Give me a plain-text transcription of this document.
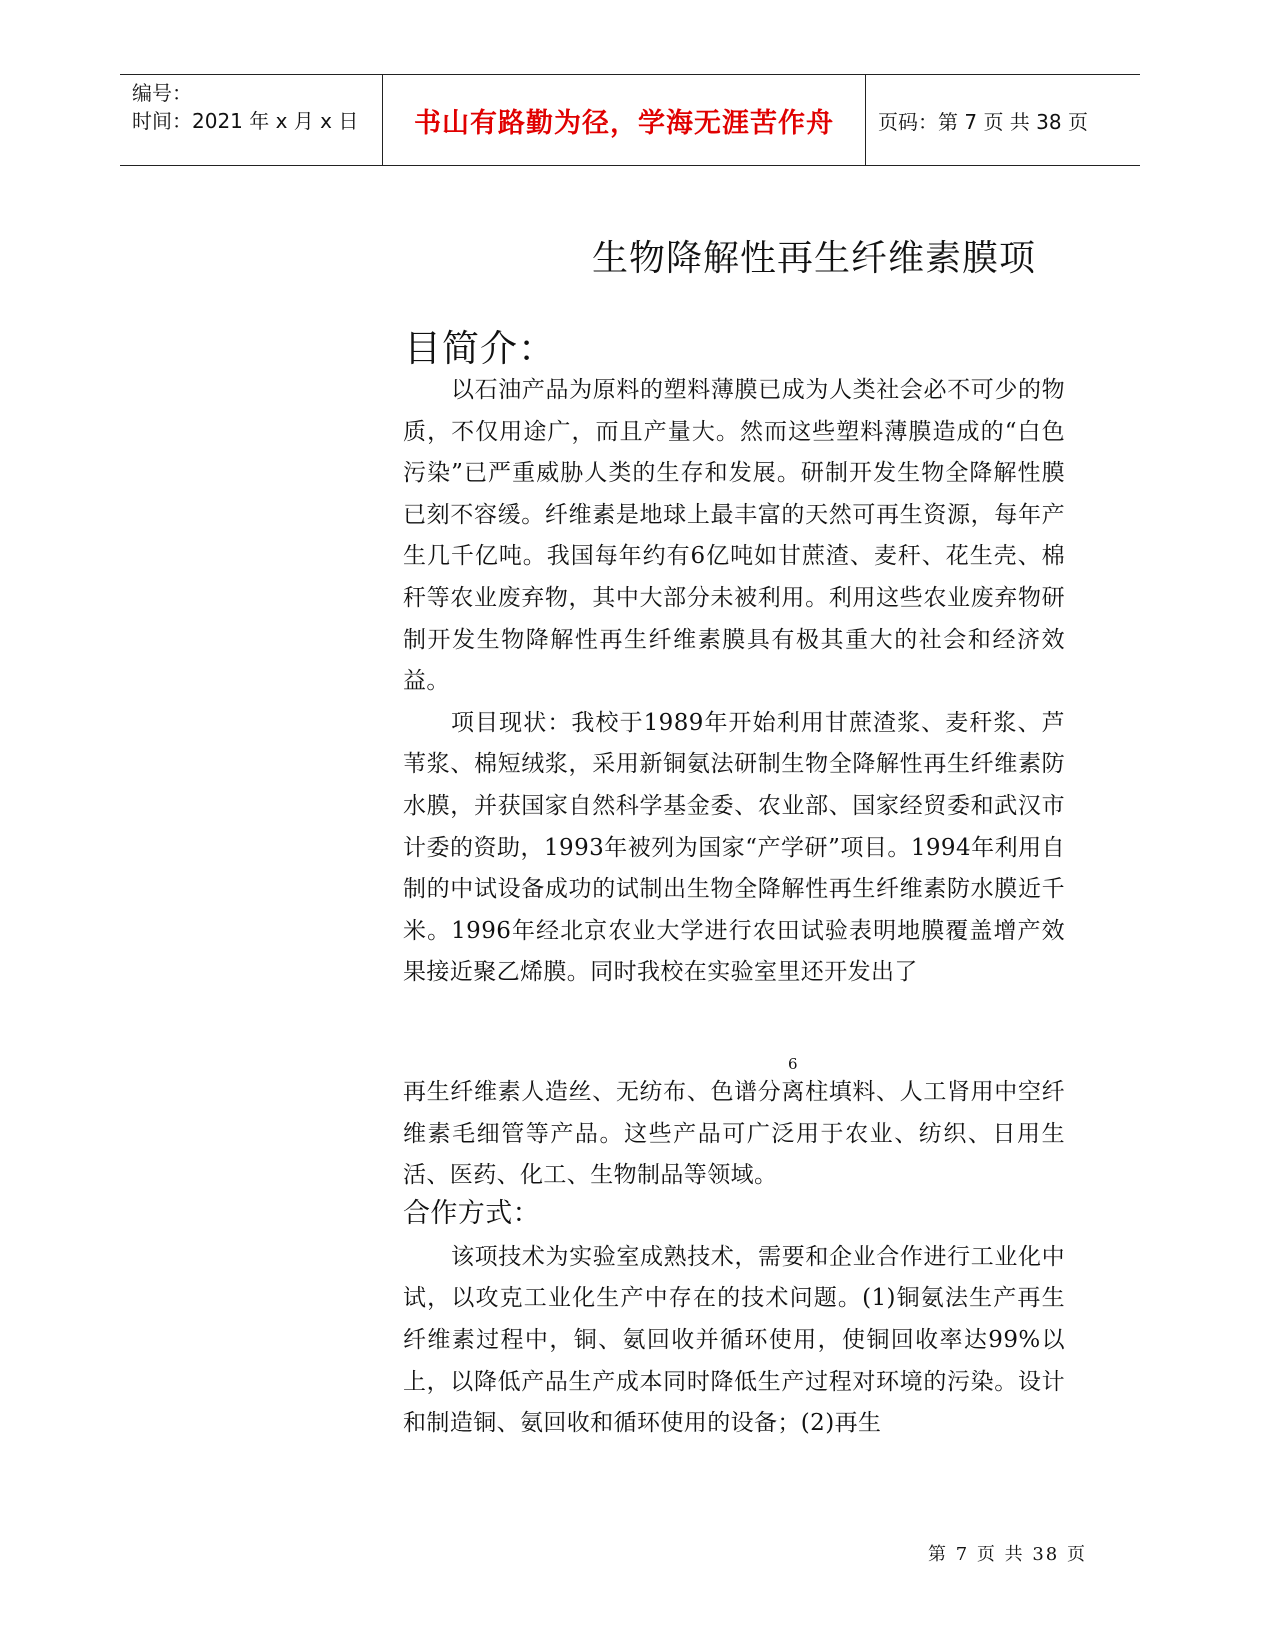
编号：
时间：2021 年 x 月 x 日	书山有路勤为径，学海无涯苦作舟	页码：第 7 页 共 38 页
生物降解性再生纤维素膜项
目简介：

以石油产品为原料的塑料薄膜已成为人类社会必不可少的物质，不仅用途广，而且产量大。然而这些塑料薄膜造成的“白色污染”已严重威胁人类的生存和发展。研制开发生物全降解性膜已刻不容缓。纤维素是地球上最丰富的天然可再生资源，每年产生几千亿吨。我国每年约有6亿吨如甘蔗渣、麦秆、花生壳、棉秆等农业废弃物，其中大部分未被利用。利用这些农业废弃物研制开发生物降解性再生纤维素膜具有极其重大的社会和经济效益。

项目现状：我校于1989年开始利用甘蔗渣浆、麦秆浆、芦苇浆、棉短绒浆，采用新铜氨法研制生物全降解性再生纤维素防水膜，并获国家自然科学基金委、农业部、国家经贸委和武汉市计委的资助，1993年被列为国家“产学研”项目。1994年利用自制的中试设备成功的试制出生物全降解性再生纤维素防水膜近千米。1996年经北京农业大学进行农田试验表明地膜覆盖增产效果接近聚乙烯膜。同时我校在实验室里还开发出了

6

再生纤维素人造丝、无纺布、色谱分离柱填料、人工肾用中空纤维素毛细管等产品。这些产品可广泛用于农业、纺织、日用生活、医药、化工、生物制品等领域。

合作方式：

该项技术为实验室成熟技术，需要和企业合作进行工业化中试，以攻克工业化生产中存在的技术问题。(1)铜氨法生产再生纤维素过程中，铜、氨回收并循环使用，使铜回收率达99%以上，以降低产品生产成本同时降低生产过程对环境的污染。设计和制造铜、氨回收和循环使用的设备；(2)再生

第 7 页 共 38 页
